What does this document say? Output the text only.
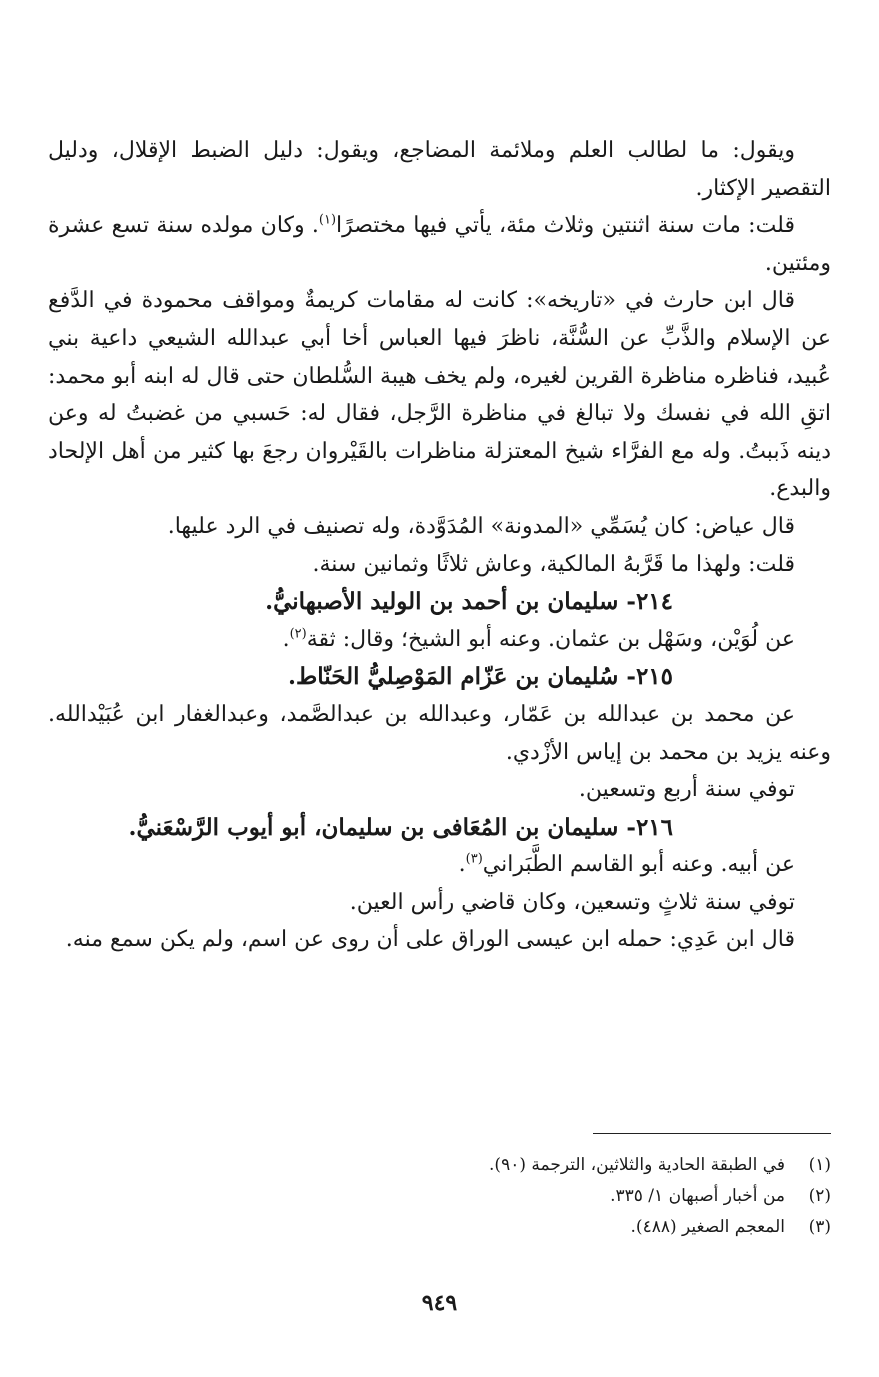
ويقول: ما لطالب العلم وملائمة المضاجع، ويقول: دليل الضبط الإقلال، ودليل التقصير الإكثار.

قلت: مات سنة اثنتين وثلاث مئة، يأتي فيها مختصرًا$^{(١)}$. وكان مولده سنة تسع عشرة ومئتين.

قال ابن حارث في «تاريخه»: كانت له مقامات كريمةٌ ومواقف محمودة في الدَّفع عن الإسلام والذَّبِّ عن السُّنَّة، ناظرَ فيها العباس أخا أبي عبدالله الشيعي داعية بني عُبيد، فناظره مناظرة القرين لغيره، ولم يخف هيبة السُّلطان حتى قال له ابنه أبو محمد: اتقِ الله في نفسك ولا تبالغ في مناظرة الرَّجل، فقال له: حَسبي من غضبتُ له وعن دينه ذَببتُ. وله مع الفرَّاء شيخ المعتزلة مناظرات بالقَيْروان رجعَ بها كثير من أهل الإلحاد والبدع.

قال عياض: كان يُسَمِّي «المدونة» المُدَوَّدة، وله تصنيف في الرد عليها.

قلت: ولهذا ما قَرَّبهُ المالكية، وعاش ثلاثًا وثمانين سنة.

٢١٤- سليمان بن أحمد بن الوليد الأصبهانيُّ.

عن لُوَيْن، وسَهْل بن عثمان. وعنه أبو الشيخ؛ وقال: ثقة$^{(٢)}$.

٢١٥- سُليمان بن عَزّام المَوْصِليُّ الحَنّاط.

عن محمد بن عبدالله بن عَمّار، وعبدالله بن عبدالصَّمد، وعبدالغفار ابن عُبَيْدالله. وعنه يزيد بن محمد بن إياس الأزْدي.

توفي سنة أربع وتسعين.

٢١٦- سليمان بن المُعَافى بن سليمان، أبو أيوب الرَّسْعَنيُّ.

عن أبيه. وعنه أبو القاسم الطَّبَراني$^{(٣)}$.

توفي سنة ثلاثٍ وتسعين، وكان قاضي رأس العين.

قال ابن عَدِي: حمله ابن عيسى الوراق على أن روى عن اسم، ولم يكن سمع منه.

(١)
في الطبقة الحادية والثلاثين، الترجمة (٩٠).
(٢)
من أخبار أصبهان ١/ ٣٣٥.
(٣)
المعجم الصغير (٤٨٨).
٩٤٩
